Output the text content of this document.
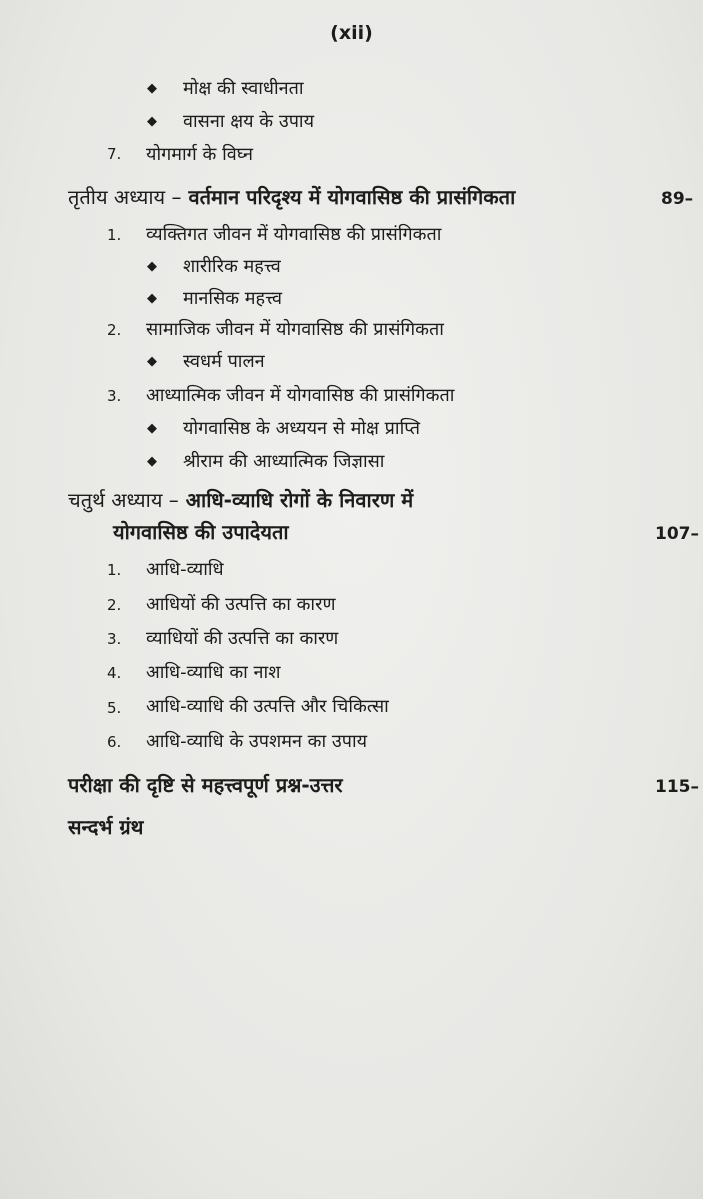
(xii)
◆ मोक्ष की स्वाधीनता
◆ वासना क्षय के उपाय
7.	योगमार्ग के विघ्न
तृतीय अध्याय – वर्तमान परिदृश्य में योगवासिष्ठ की प्रासंगिकता	89–
1.	व्यक्तिगत जीवन में योगवासिष्ठ की प्रासंगिकता
◆ शारीरिक महत्त्व
◆ मानसिक महत्त्व
2.	सामाजिक जीवन में योगवासिष्ठ की प्रासंगिकता
◆ स्वधर्म पालन
3.	आध्यात्मिक जीवन में योगवासिष्ठ की प्रासंगिकता
◆ योगवासिष्ठ के अध्ययन से मोक्ष प्राप्ति
◆ श्रीराम की आध्यात्मिक जिज्ञासा
चतुर्थ अध्याय – आधि-व्याधि रोगों के निवारण में
योगवासिष्ठ की उपादेयता	107–
1.	आधि-व्याधि
2.	आधियों की उत्पत्ति का कारण
3.	व्याधियों की उत्पत्ति का कारण
4.	आधि-व्याधि का नाश
5.	आधि-व्याधि की उत्पत्ति और चिकित्सा
6.	आधि-व्याधि के उपशमन का उपाय
परीक्षा की दृष्टि से महत्त्वपूर्ण प्रश्न-उत्तर	115–
सन्दर्भ ग्रंथ
